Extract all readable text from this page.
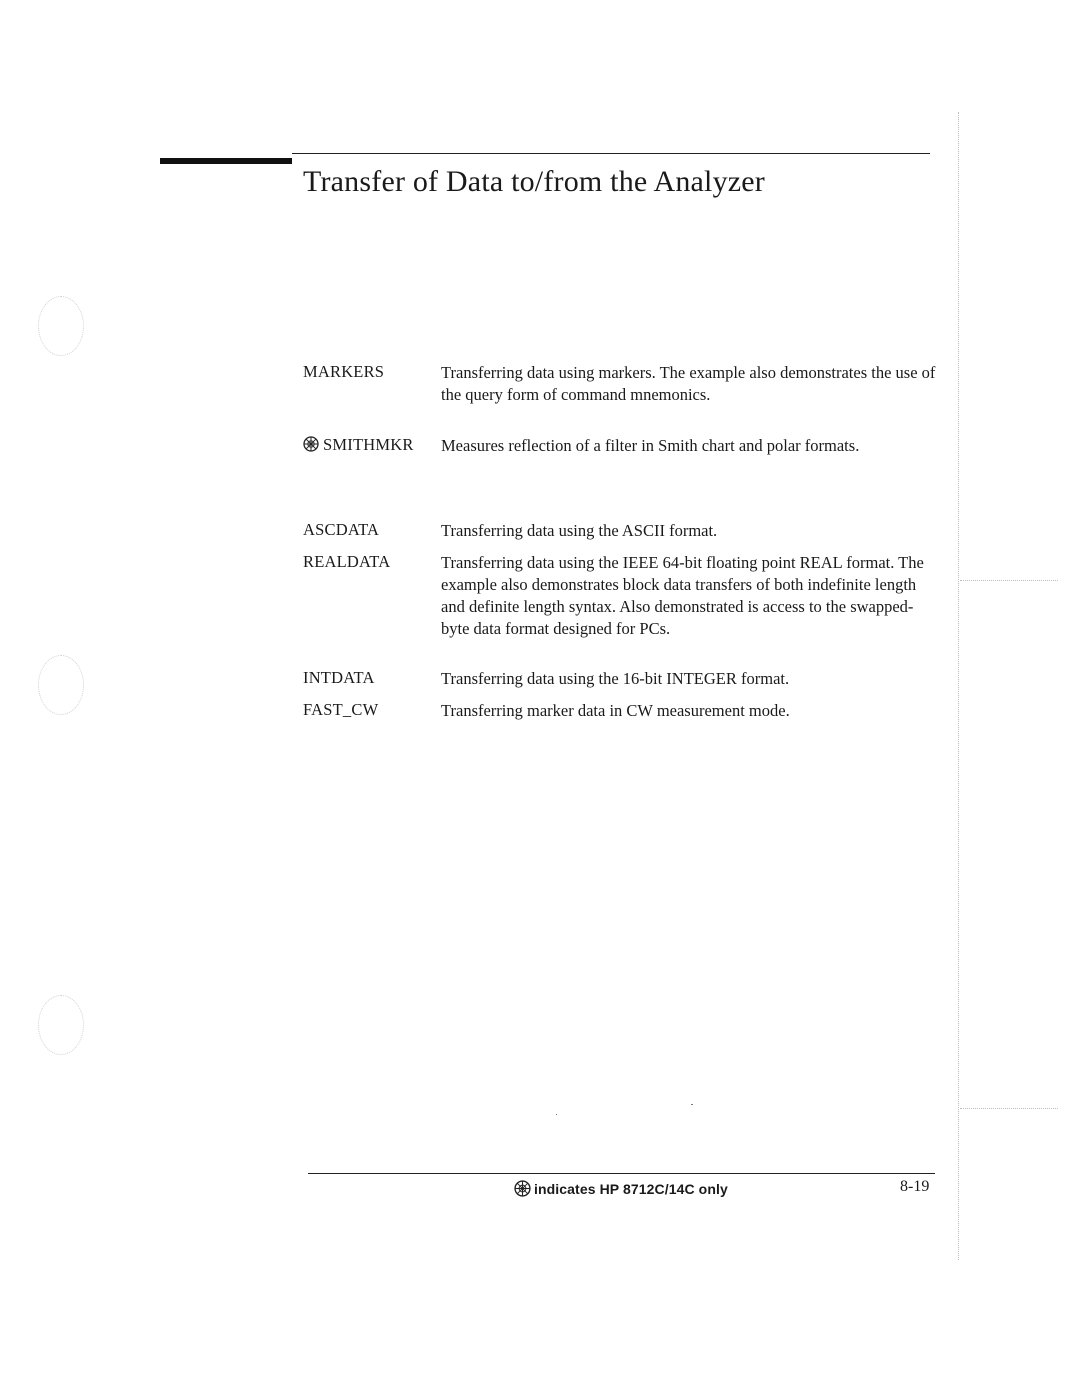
Transfer of Data to/from the Analyzer
MARKERS	Transferring data using markers. The example also demonstrates the use of the query form of command mnemonics.
SMITHMKR Measures reflection of a filter in Smith chart and polar formats.
ASCDATA	Transferring data using the ASCII format.
REALDATA	Transferring data using the IEEE 64-bit floating point REAL format. The example also demonstrates block data transfers of both indefinite length and definite length syntax. Also demonstrated is access to the swapped-byte data format designed for PCs.
INTDATA	Transferring data using the 16-bit INTEGER format.
FAST_CW	Transferring marker data in CW measurement mode.
indicates HP 8712C/14C only	8-19
